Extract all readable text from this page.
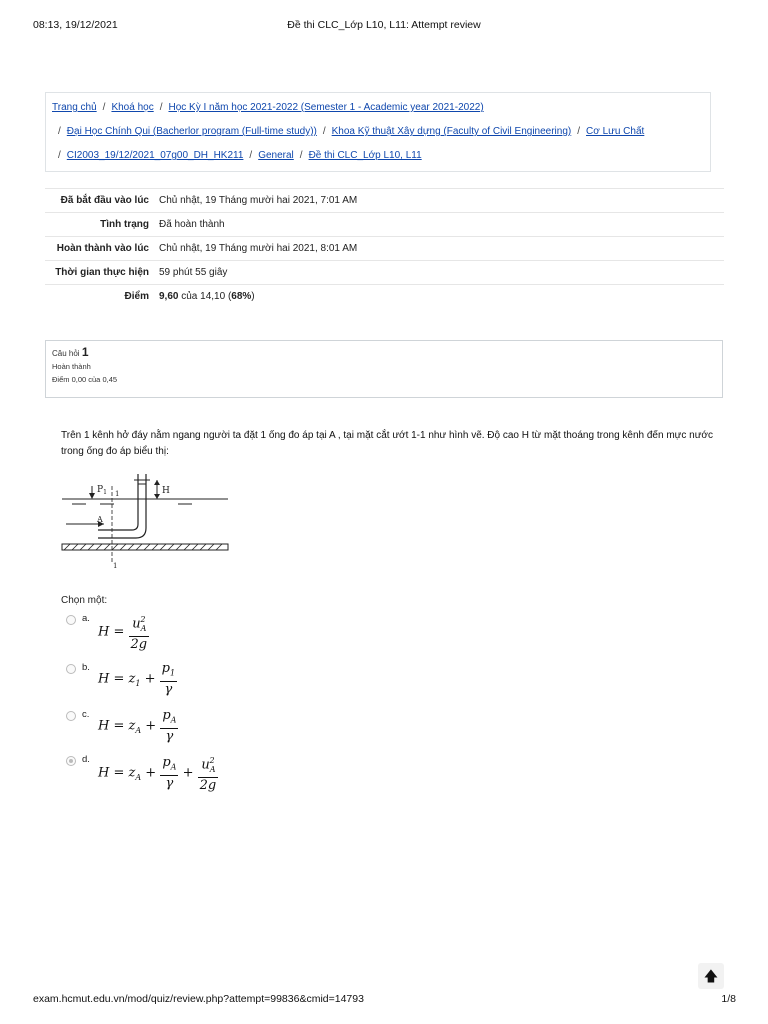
08:13, 19/12/2021	Đề thi CLC_Lớp L10, L11: Attempt review
Trang chủ / Khoá học / Học Kỳ I năm học 2021-2022 (Semester 1 - Academic year 2021-2022)
/ Đại Học Chính Qui (Bacherlor program (Full-time study)) / Khoa Kỹ thuật Xây dựng (Faculty of Civil Engineering) / Cơ Lưu Chất
/ CI2003_19/12/2021_07g00_DH_HK211 / General / Đề thi CLC_Lớp L10, L11
Đã bắt đầu vào lúc	Chủ nhật, 19 Tháng mười hai 2021, 7:01 AM
Tình trạng	Đã hoàn thành
Hoàn thành vào lúc	Chủ nhật, 19 Tháng mười hai 2021, 8:01 AM
Thời gian thực hiện	59 phút 55 giây
Điểm	9,60 của 14,10 (68%)
Câu hỏi 1
Hoàn thành
Điểm 0,00 của 0,45
Trên 1 kênh hở đáy nằm ngang người ta đặt 1 ống đo áp tại A , tại mặt cắt ướt 1-1 như hình vẽ. Độ cao H từ mặt thoáng trong kênh đến mực nước trong ống đo áp biểu thị:
$P_1$ 1	H
A
1
Chọn một:
a.
$H = \frac{u_A^2}{2g}$
b.
$H = z_1 + \frac{p_1}{\gamma}$
c.
$H = z_A + \frac{p_A}{\gamma}$
d.
$H = z_A + \frac{p_A}{\gamma} + \frac{u_A^2}{2g}$
🡅
exam.hcmut.edu.vn/mod/quiz/review.php?attempt=99836&cmid=14793	1/8
